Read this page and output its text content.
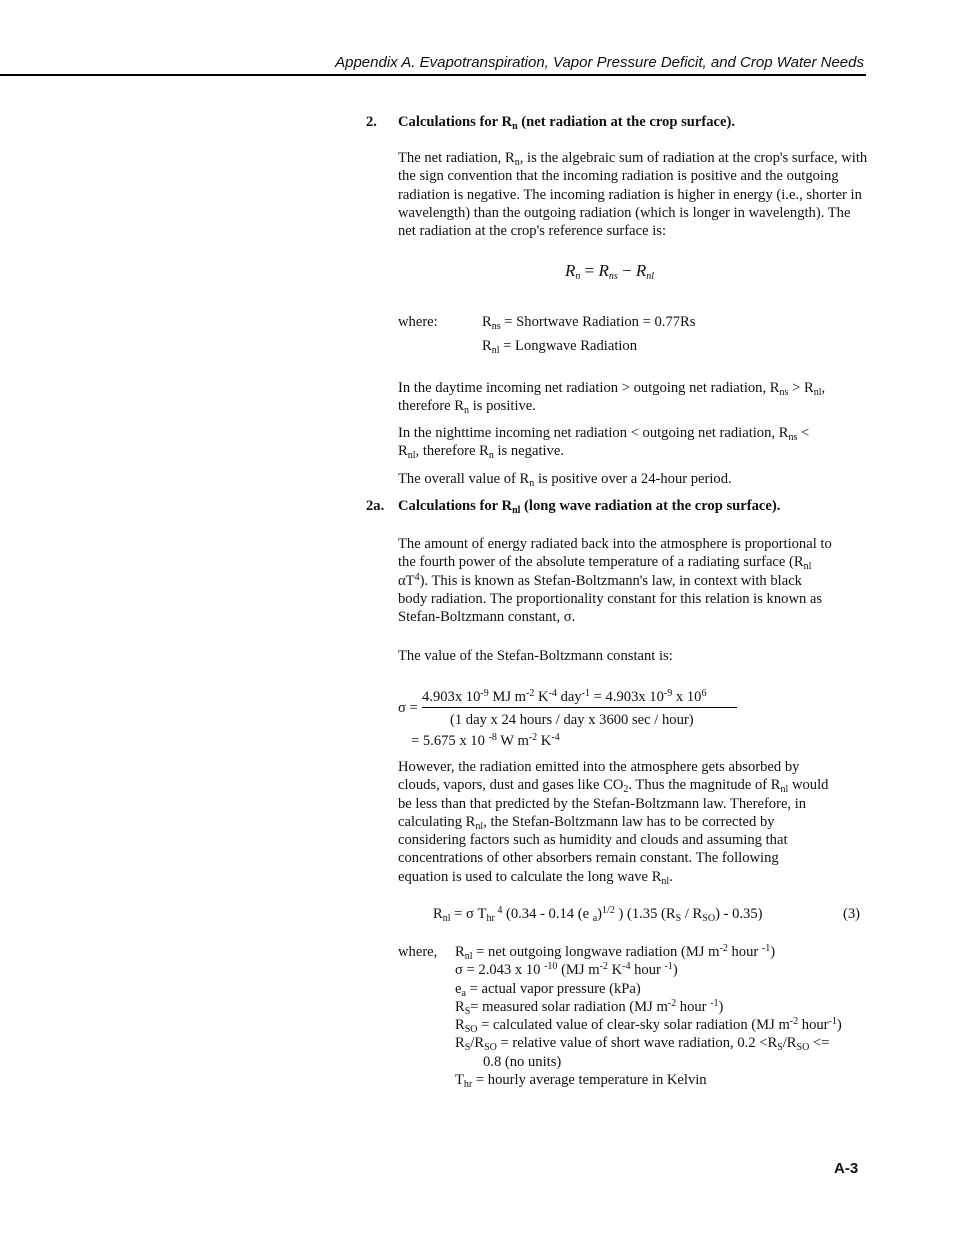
Appendix A. Evapotranspiration, Vapor Pressure Deficit, and Crop Water Needs
2. Calculations for $R_n$ (net radiation at the crop surface).
The net radiation, $R_n$, is the algebraic sum of radiation at the crop's surface, with the sign convention that the incoming radiation is positive and the outgoing radiation is negative. The incoming radiation is higher in energy (i.e., shorter in wavelength) than the outgoing radiation (which is longer in wavelength). The net radiation at the crop's reference surface is:
$R_n = R_{ns} - R_{nl}$
where:	$R_{ns}$ = Shortwave Radiation = 0.77Rs
$R_{nl}$ = Longwave Radiation
In the daytime incoming net radiation > outgoing net radiation, $R_{ns} > R_{nl}$,
therefore $R_n$ is positive.
In the nighttime incoming net radiation < outgoing net radiation, $R_{ns}$ <
$R_{nl}$, therefore $R_n$ is negative.
The overall value of $R_n$ is positive over a 24-hour period.
2a. Calculations for $R_{nl}$ (long wave radiation at the crop surface).
The amount of energy radiated back into the atmosphere is proportional to
the fourth power of the absolute temperature of a radiating surface ($R_{nl}$
$\alpha T^4$). This is known as Stefan-Boltzmann's law, in context with black
body radiation. The proportionality constant for this relation is known as
Stefan-Boltzmann constant, σ.
The value of the Stefan-Boltzmann constant is:
σ =
4.903x $10^{-9}$ MJ $m^{-2}$ $K^{-4}$ day$^{-1}$ = 4.903x $10^{-9}$ x $10^6$
(1 day x 24 hours / day x 3600 sec / hour)
= 5.675 x 10 $^{-8}$ W $m^{-2}$ $K^{-4}$
However, the radiation emitted into the atmosphere gets absorbed by
clouds, vapors, dust and gases like $CO_2$. Thus the magnitude of $R_{nl}$ would
be less than that predicted by the Stefan-Boltzmann law. Therefore, in
calculating $R_{nl}$, the Stefan-Boltzmann law has to be corrected by
considering factors such as humidity and clouds and assuming that
concentrations of other absorbers remain constant. The following
equation is used to calculate the long wave $R_{nl}$.
$R_{nl} = \sigma$ $T_{hr}$ $^4$ (0.34 - 0.14 (e $_a$)$^{1/2}$ ) (1.35 $(R_S / R_{SO}) - 0.35$)	(3)
where, $R_{nl}$ = net outgoing longwave radiation (MJ $m^{-2}$ hour $^{-1}$)
σ = 2.043 x 10 $^{-10}$ (MJ $m^{-2}$ $K^{-4}$ hour $^{-1}$)
$e_a$ = actual vapor pressure (kPa)
$R_S=$ measured solar radiation (MJ $m^{-2}$ hour $^{-1}$)
$R_{SO}$ = calculated value of clear-sky solar radiation (MJ $m^{-2}$ hour$^{-1}$)
$R_S/R_{SO}$ = relative value of short wave radiation, $0.2 <R_S/R_{SO}$ <=
0.8 (no units)
$T_{hr}$ = hourly average temperature in Kelvin
A-3
